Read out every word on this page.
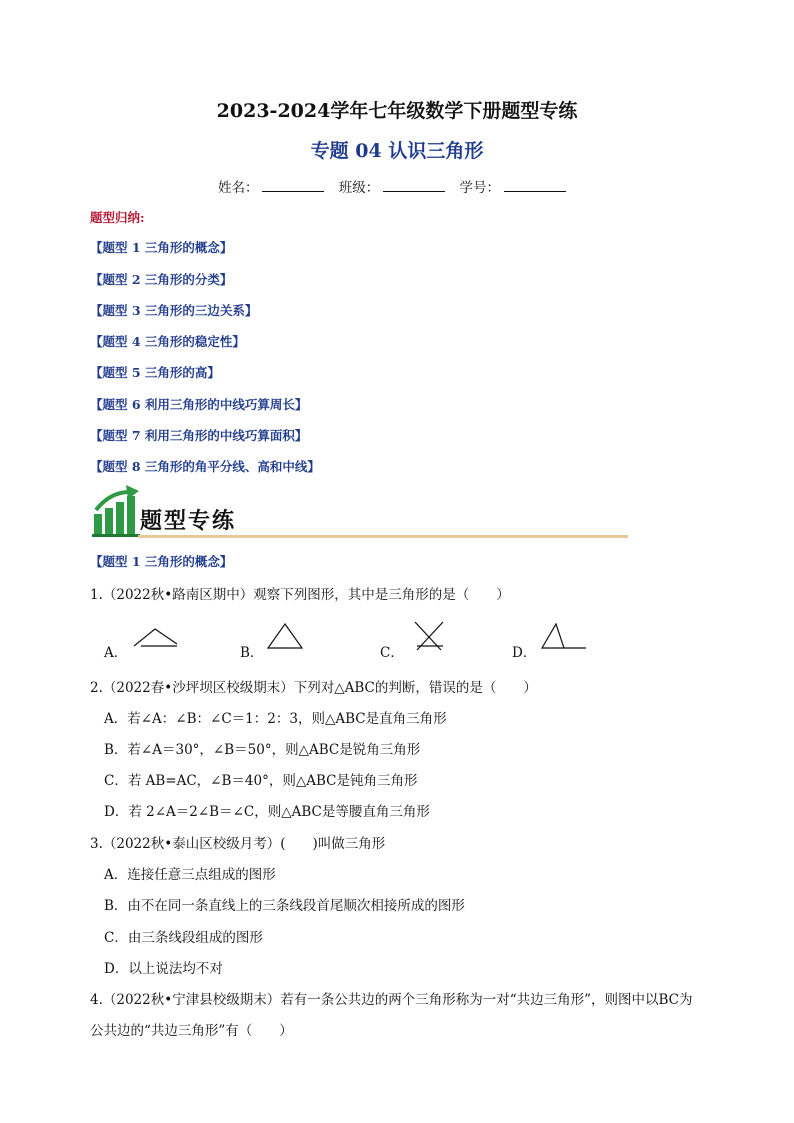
2023-2024学年七年级数学下册题型专练
专题 04 认识三角形
姓名：	班级：	学号：
题型归纳:
【题型 1 三角形的概念】
【题型 2 三角形的分类】
【题型 3 三角形的三边关系】
【题型 4 三角形的稳定性】
【题型 5 三角形的高】
【题型 6 利用三角形的中线巧算周长】
【题型 7 利用三角形的中线巧算面积】
【题型 8 三角形的角平分线、高和中线】
题型专练
【题型 1 三角形的概念】
1.（2022秋•路南区期中）观察下列图形，其中是三角形的是（　　）
A．	B．	C．	D．
2.（2022春•沙坪坝区校级期末）下列对△ABC的判断，错误的是（　　）
A．若∠A：∠B：∠C＝1：2：3，则△ABC是直角三角形
B．若∠A＝30°，∠B＝50°，则△ABC是锐角三角形
C．若 AB=AC，∠B＝40°，则△ABC是钝角三角形
D．若 2∠A＝2∠B＝∠C，则△ABC是等腰直角三角形
3.（2022秋•泰山区校级月考）(　　)叫做三角形
A．连接任意三点组成的图形
B．由不在同一条直线上的三条线段首尾顺次相接所成的图形
C．由三条线段组成的图形
D．以上说法均不对
4.（2022秋•宁津县校级期末）若有一条公共边的两个三角形称为一对“共边三角形”，则图中以BC为
公共边的“共边三角形”有（　　）
